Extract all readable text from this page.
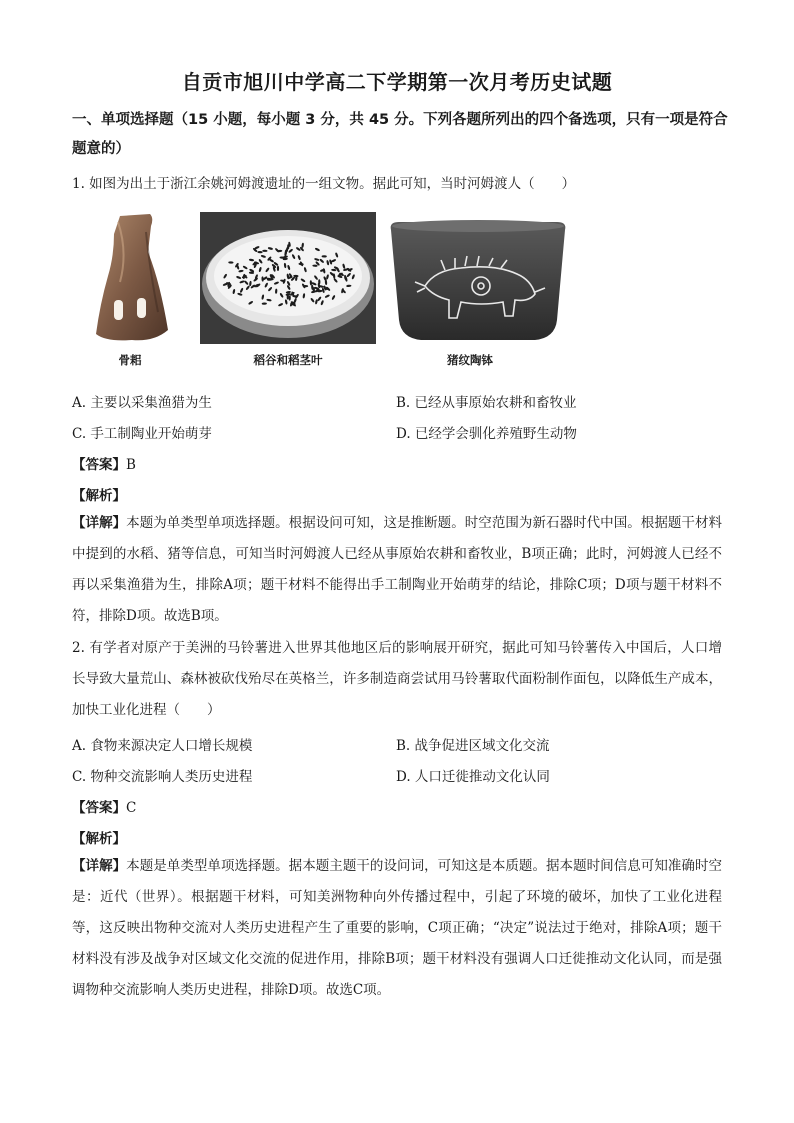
自贡市旭川中学高二下学期第一次月考历史试题
一、单项选择题（15 小题，每小题 3 分，共 45 分。下列各题所列出的四个备选项，只有一项是符合题意的）
1. 如图为出土于浙江余姚河姆渡遗址的一组文物。据此可知，当时河姆渡人（　　）
骨耜	稻谷和稻茎叶	猪纹陶钵
A. 主要以采集渔猎为生	B. 已经从事原始农耕和畜牧业
C. 手工制陶业开始萌芽	D. 已经学会驯化养殖野生动物
【答案】B
【解析】
【详解】本题为单类型单项选择题。根据设问可知，这是推断题。时空范围为新石器时代中国。根据题干材料中提到的水稻、猪等信息，可知当时河姆渡人已经从事原始农耕和畜牧业，B项正确；此时，河姆渡人已经不再以采集渔猎为生，排除A项；题干材料不能得出手工制陶业开始萌芽的结论，排除C项；D项与题干材料不符，排除D项。故选B项。
2. 有学者对原产于美洲的马铃薯进入世界其他地区后的影响展开研究，据此可知马铃薯传入中国后，人口增长导致大量荒山、森林被砍伐殆尽在英格兰，许多制造商尝试用马铃薯取代面粉制作面包，以降低生产成本，加快工业化进程（　　）
A. 食物来源决定人口增长规模	B. 战争促进区域文化交流
C. 物种交流影响人类历史进程	D. 人口迁徙推动文化认同
【答案】C
【解析】
【详解】本题是单类型单项选择题。据本题主题干的设问词，可知这是本质题。据本题时间信息可知准确时空是：近代（世界）。根据题干材料，可知美洲物种向外传播过程中，引起了环境的破坏，加快了工业化进程等，这反映出物种交流对人类历史进程产生了重要的影响，C项正确；“决定”说法过于绝对，排除A项；题干材料没有涉及战争对区域文化交流的促进作用，排除B项；题干材料没有强调人口迁徙推动文化认同，而是强调物种交流影响人类历史进程，排除D项。故选C项。
